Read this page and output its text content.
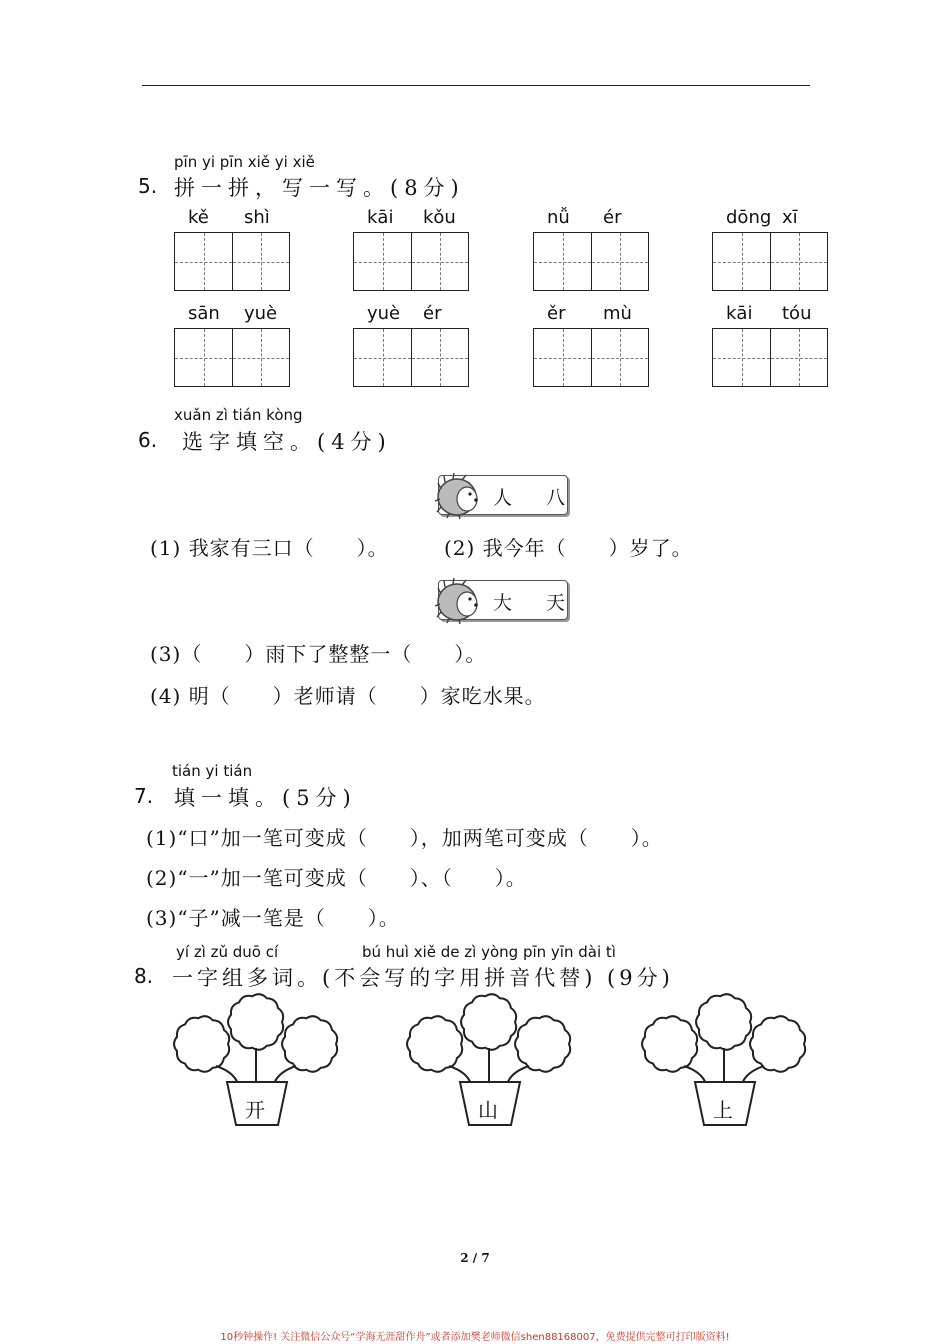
pīn yi pīn xiě yi xiě
5. 拼一拼，写一写。(8分)
kě shì	kāi kǒu	nǚ ér	dōng xī
sān yuè	yuè ér	ěr mù	kāi tóu
xuǎn zì tián kòng
6. 选字填空。(4分)
人 八
(1) 我家有三口（　　）。	(2) 我今年（　　）岁了。
大 天
(3)（　　）雨下了整整一（　　）。
(4) 明（　　）老师请（　　）家吃水果。
tián yi tián
7. 填一填。(5分)
(1)“口”加一笔可变成（　　），加两笔可变成（　　）。
(2)“一”加一笔可变成（　　）、（　　）。
(3)“子”减一笔是（　　）。
yí zì zǔ duō cí	bú huì xiě de zì yòng pīn yīn dài tì
8. 一字组多词。(不会写的字用拼音代替) (9分)
开	山	上
2 / 7
10秒钟操作! 关注微信公众号“学海无涯甜作舟”或者添加樊老师微信shen88168007，免费提供完整可打印版资料!
